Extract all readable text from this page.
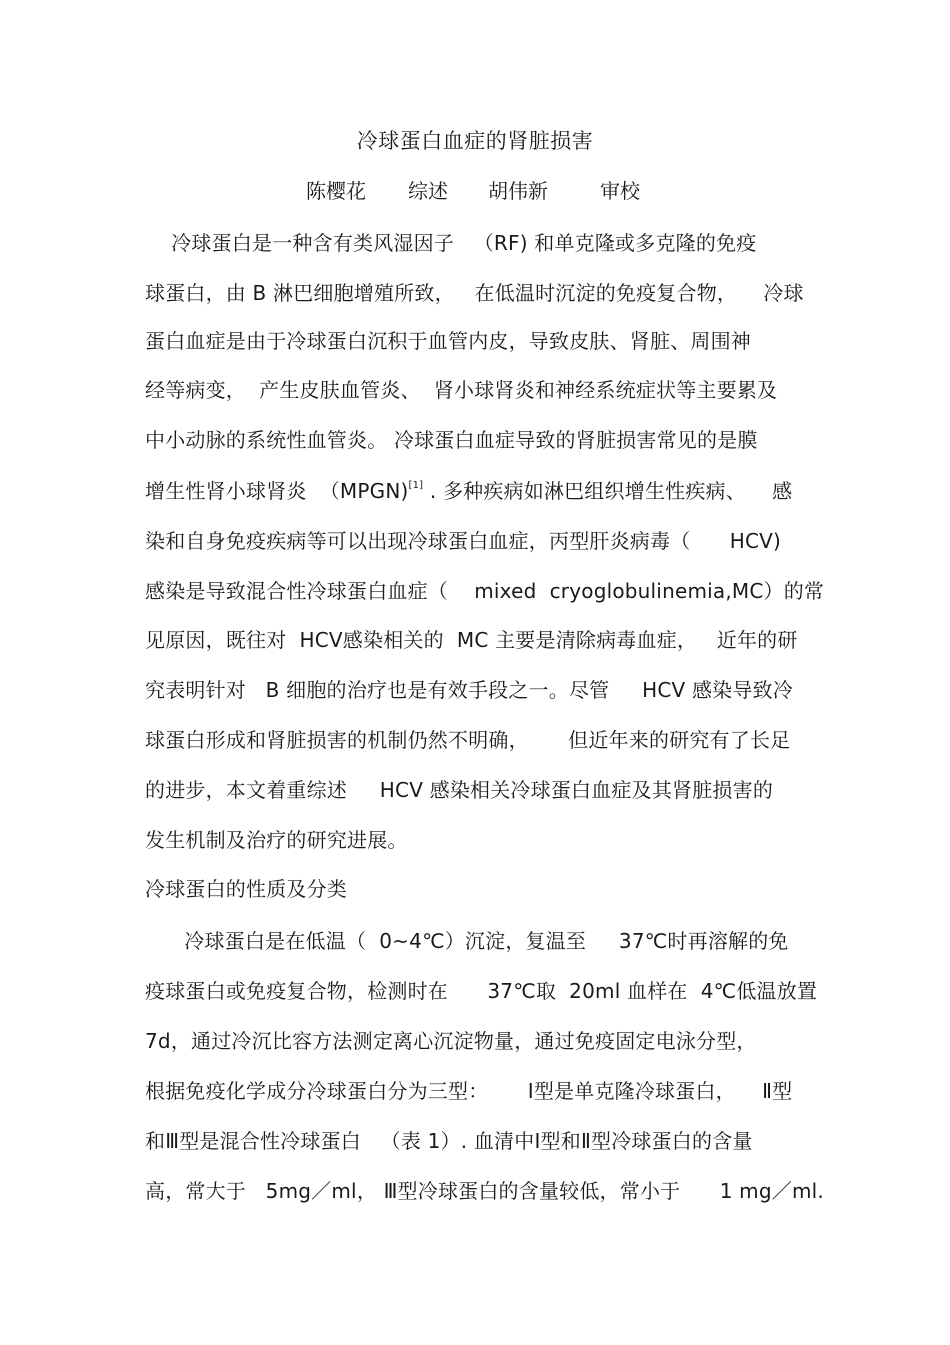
冷球蛋白血症的肾脏损害
陈樱花 综述 胡伟新	审校
冷球蛋白是一种含有类风湿因子   （RF) 和单克隆或多克隆的免疫
球蛋白，由 B 淋巴细胞增殖所致，   在低温时沉淀的免疫复合物，    冷球
蛋白血症是由于冷球蛋白沉积于血管内皮，导致皮肤、肾脏、周围神
经等病变，  产生皮肤血管炎、  肾小球肾炎和神经系统症状等主要累及
中小动脉的系统性血管炎。 冷球蛋白血症导致的肾脏损害常见的是膜
增生性肾小球肾炎  （MPGN)[1] . 多种疾病如淋巴组织增生性疾病、    感
染和自身免疫疾病等可以出现冷球蛋白血症，丙型肝炎病毒（      HCV)
感染是导致混合性冷球蛋白血症（    mixed  cryoglobulinemia,MC）的常
见原因，既往对  HCV感染相关的  MC 主要是清除病毒血症，   近年的研
究表明针对   B 细胞的治疗也是有效手段之一。尽管     HCV 感染导致冷
球蛋白形成和肾脏损害的机制仍然不明确，      但近年来的研究有了长足
的进步，本文着重综述     HCV 感染相关冷球蛋白血症及其肾脏损害的
发生机制及治疗的研究进展。
冷球蛋白的性质及分类
冷球蛋白是在低温（  0~4℃）沉淀，复温至     37℃时再溶解的免
疫球蛋白或免疫复合物，检测时在      37℃取  20ml 血样在  4℃低温放置
7d，通过冷沉比容方法测定离心沉淀物量，通过免疫固定电泳分型，
根据免疫化学成分冷球蛋白分为三型：      Ⅰ型是单克隆冷球蛋白，    Ⅱ型
和Ⅲ型是混合性冷球蛋白   （表 1）. 血清中Ⅰ型和Ⅱ型冷球蛋白的含量
高，常大于   5mg／ml， Ⅲ型冷球蛋白的含量较低，常小于      1 mg／ml.
